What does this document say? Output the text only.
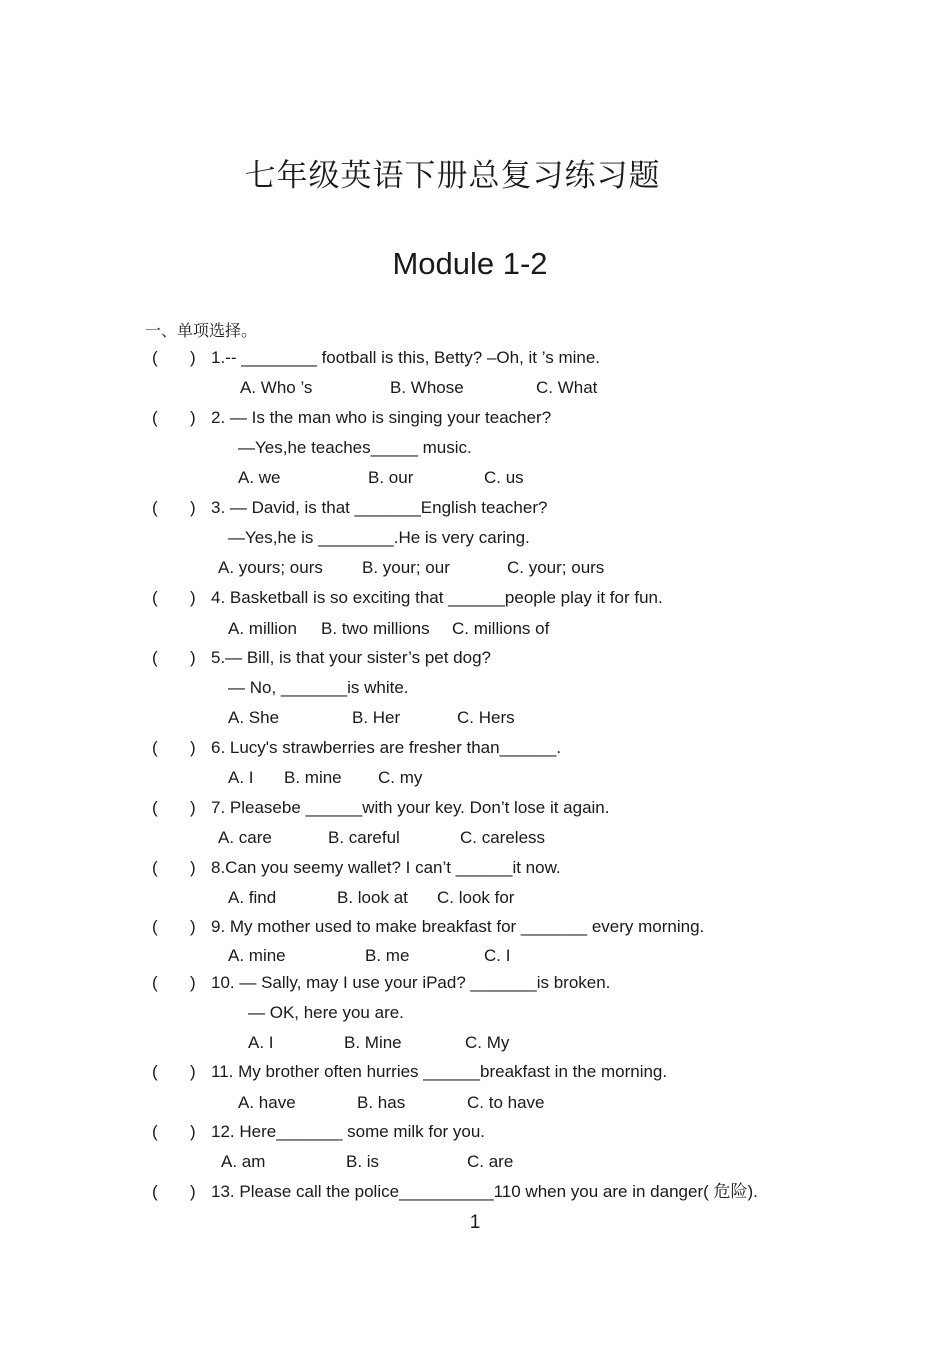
七年级英语下册总复习练习题
Module 1-2
一、单项选择。
( ) 1.-- ________ football is this, Betty? –Oh, it ’s mine.
A. Who ’s	B. Whose	C. What
( ) 2. — Is the man who is singing your teacher?
—Yes,he teaches_____ music.
A. we	B. our	C. us
( ) 3. — David, is that _______English teacher?
—Yes,he is ________.He is very caring.
A. yours; ours B. your; our	C. your; ours
( ) 4. Basketball is so exciting that ______people play it for fun.
A. million B. two millions C. millions of
( ) 5.— Bill, is that your sister’s pet dog?
— No, _______is white.
A. She	B. Her	C. Hers
( ) 6. Lucy's strawberries are fresher than______.
A. I B. mine C. my
( ) 7. Pleasebe ______with your key. Don’t lose it again.
A. care	B. careful	C. careless
( ) 8.Can you seemy wallet? I can’t ______it now.
A. find	B. look at C. look for
( ) 9. My mother used to make breakfast for _______ every morning.
A. mine	B. me	C. I
( ) 10. — Sally, may I use your iPad? _______is broken.
— OK, here you are.
A. I	B. Mine	C. My
( ) 11. My brother often hurries ______breakfast in the morning.
A. have	B. has	C. to have
( ) 12. Here_______ some milk for you.
A. am	B. is	C. are
( ) 13. Please call the police__________110 when you are in danger( 危险).
1
